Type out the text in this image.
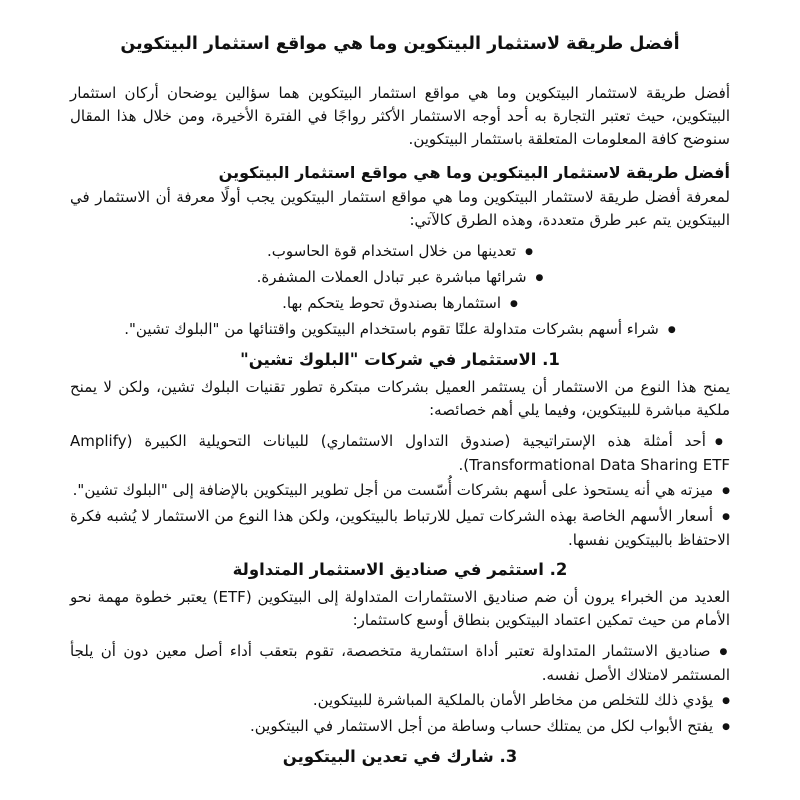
أفضل طريقة لاستثمار البيتكوين وما هي مواقع استثمار البيتكوين

أفضل طريقة لاستثمار البيتكوين وما هي مواقع استثمار البيتكوين هما سؤالين يوضحان أركان استثمار البيتكوين، حيث تعتبر التجارة به أحد أوجه الاستثمار الأكثر رواجًا في الفترة الأخيرة، ومن خلال هذا المقال سنوضح كافة المعلومات المتعلقة باستثمار البيتكوين.

أفضل طريقة لاستثمار البيتكوين وما هي مواقع استثمار البيتكوين

لمعرفة أفضل طريقة لاستثمار البيتكوين وما هي مواقع استثمار البيتكوين يجب أولًا معرفة أن الاستثمار في البيتكوين يتم عبر طرق متعددة، وهذه الطرق كالآتي:

● تعدينها من خلال استخدام قوة الحاسوب.
● شرائها مباشرة عبر تبادل العملات المشفرة.
● استثمارها بصندوق تحوط يتحكم بها.
● شراء أسهم بشركات متداولة علنًا تقوم باستخدام البيتكوين واقتنائها من "البلوك تشين".
1. الاستثمار في شركات "البلوك تشين"

يمنح هذا النوع من الاستثمار أن يستثمر العميل بشركات مبتكرة تطور تقنيات البلوك تشين، ولكن لا يمنح ملكية مباشرة للبيتكوين، وفيما يلي أهم خصائصه:

● أحد أمثلة هذه الإستراتيجية (صندوق التداول الاستثماري) للبيانات التحويلية الكبيرة (Amplify Transformational Data Sharing ETF).
● ميزته هي أنه يستحوذ على أسهم بشركات أُسّست من أجل تطوير البيتكوين بالإضافة إلى "البلوك تشين".
● أسعار الأسهم الخاصة بهذه الشركات تميل للارتباط بالبيتكوين، ولكن هذا النوع من الاستثمار لا يُشبه فكرة الاحتفاظ بالبيتكوين نفسها.
2. استثمر في صناديق الاستثمار المتداولة

العديد من الخبراء يرون أن ضم صناديق الاستثمارات المتداولة إلى البيتكوين (ETF) يعتبر خطوة مهمة نحو الأمام من حيث تمكين اعتماد البيتكوين بنطاق أوسع كاستثمار:

● صناديق الاستثمار المتداولة تعتبر أداة استثمارية متخصصة، تقوم بتعقب أداء أصل معين دون أن يلجأ المستثمر لامتلاك الأصل نفسه.
● يؤدي ذلك للتخلص من مخاطر الأمان بالملكية المباشرة للبيتكوين.
● يفتح الأبواب لكل من يمتلك حساب وساطة من أجل الاستثمار في البيتكوين.
3. شارك في تعدين البيتكوين
